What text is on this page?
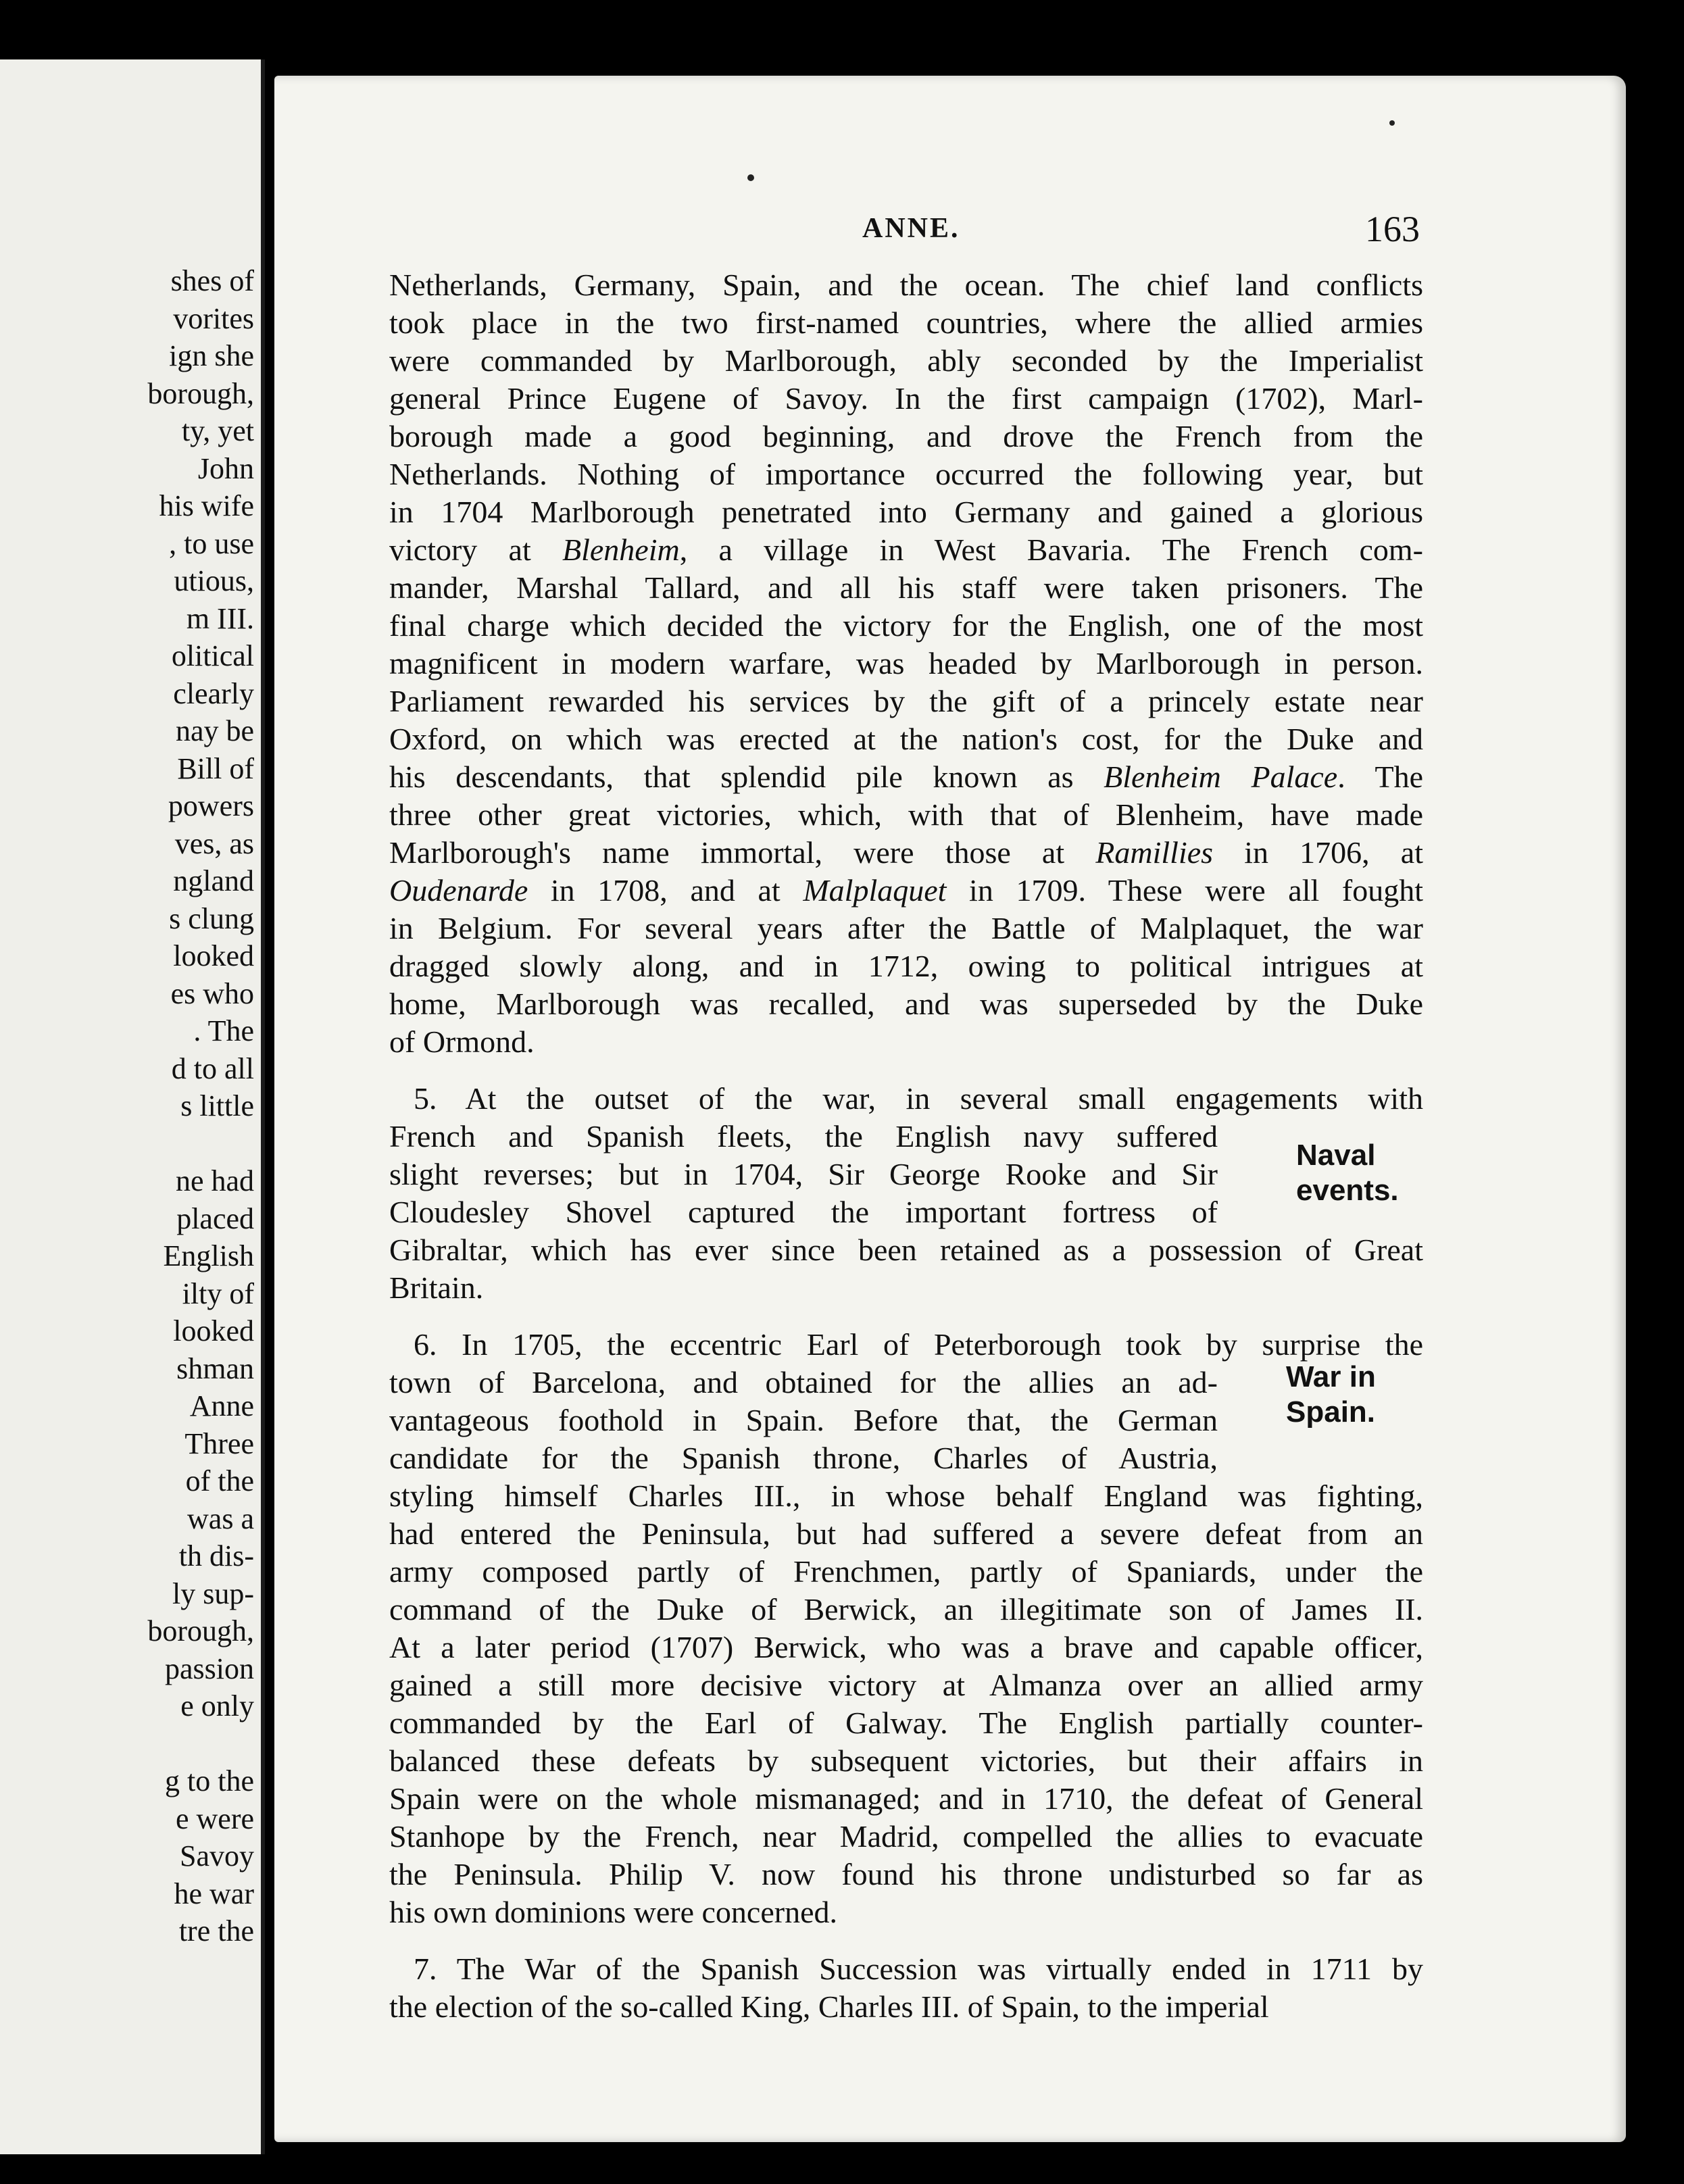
shes of
vorites
ign she
borough,
ty, yet
John
his wife
, to use
utious,
m III.
olitical
clearly
nay be
Bill of
powers
ves, as
ngland
s clung
looked
es who
. The
d to all
s little
ne had
placed
English
ilty of
looked
shman
Anne
Three
of the
was a
th dis-
ly sup-
borough,
passion
e only
g to the
e were
Savoy
he war
tre the
ANNE.	163
Netherlands, Germany, Spain, and the ocean. The chief land conflicts
took place in the two first-named countries, where the allied armies
were commanded by Marlborough, ably seconded by the Imperialist
general Prince Eugene of Savoy. In the first campaign (1702), Marl-
borough made a good beginning, and drove the French from the
Netherlands. Nothing of importance occurred the following year, but
in 1704 Marlborough penetrated into Germany and gained a glorious
victory at Blenheim, a village in West Bavaria. The French com-
mander, Marshal Tallard, and all his staff were taken prisoners. The
final charge which decided the victory for the English, one of the most
magnificent in modern warfare, was headed by Marlborough in person.
Parliament rewarded his services by the gift of a princely estate near
Oxford, on which was erected at the nation's cost, for the Duke and
his descendants, that splendid pile known as Blenheim Palace. The
three other great victories, which, with that of Blenheim, have made
Marlborough's name immortal, were those at Ramillies in 1706, at
Oudenarde in 1708, and at Malplaquet in 1709. These were all fought
in Belgium. For several years after the Battle of Malplaquet, the war
dragged slowly along, and in 1712, owing to political intrigues at
home, Marlborough was recalled, and was superseded by the Duke
of Ormond.
5. At the outset of the war, in several small engagements with
French and Spanish fleets, the English navy suffered
slight reverses; but in 1704, Sir George Rooke and Sir
Cloudesley Shovel captured the important fortress of
Gibraltar, which has ever since been retained as a possession of Great
Britain.
6. In 1705, the eccentric Earl of Peterborough took by surprise the
town of Barcelona, and obtained for the allies an ad-
vantageous foothold in Spain. Before that, the German
candidate for the Spanish throne, Charles of Austria,
styling himself Charles III., in whose behalf England was fighting,
had entered the Peninsula, but had suffered a severe defeat from an
army composed partly of Frenchmen, partly of Spaniards, under the
command of the Duke of Berwick, an illegitimate son of James II.
At a later period (1707) Berwick, who was a brave and capable officer,
gained a still more decisive victory at Almanza over an allied army
commanded by the Earl of Galway. The English partially counter-
balanced these defeats by subsequent victories, but their affairs in
Spain were on the whole mismanaged; and in 1710, the defeat of General
Stanhope by the French, near Madrid, compelled the allies to evacuate
the Peninsula. Philip V. now found his throne undisturbed so far as
his own dominions were concerned.
7. The War of the Spanish Succession was virtually ended in 1711 by
the election of the so-called King, Charles III. of Spain, to the imperial
Naval
events.
War in
Spain.
